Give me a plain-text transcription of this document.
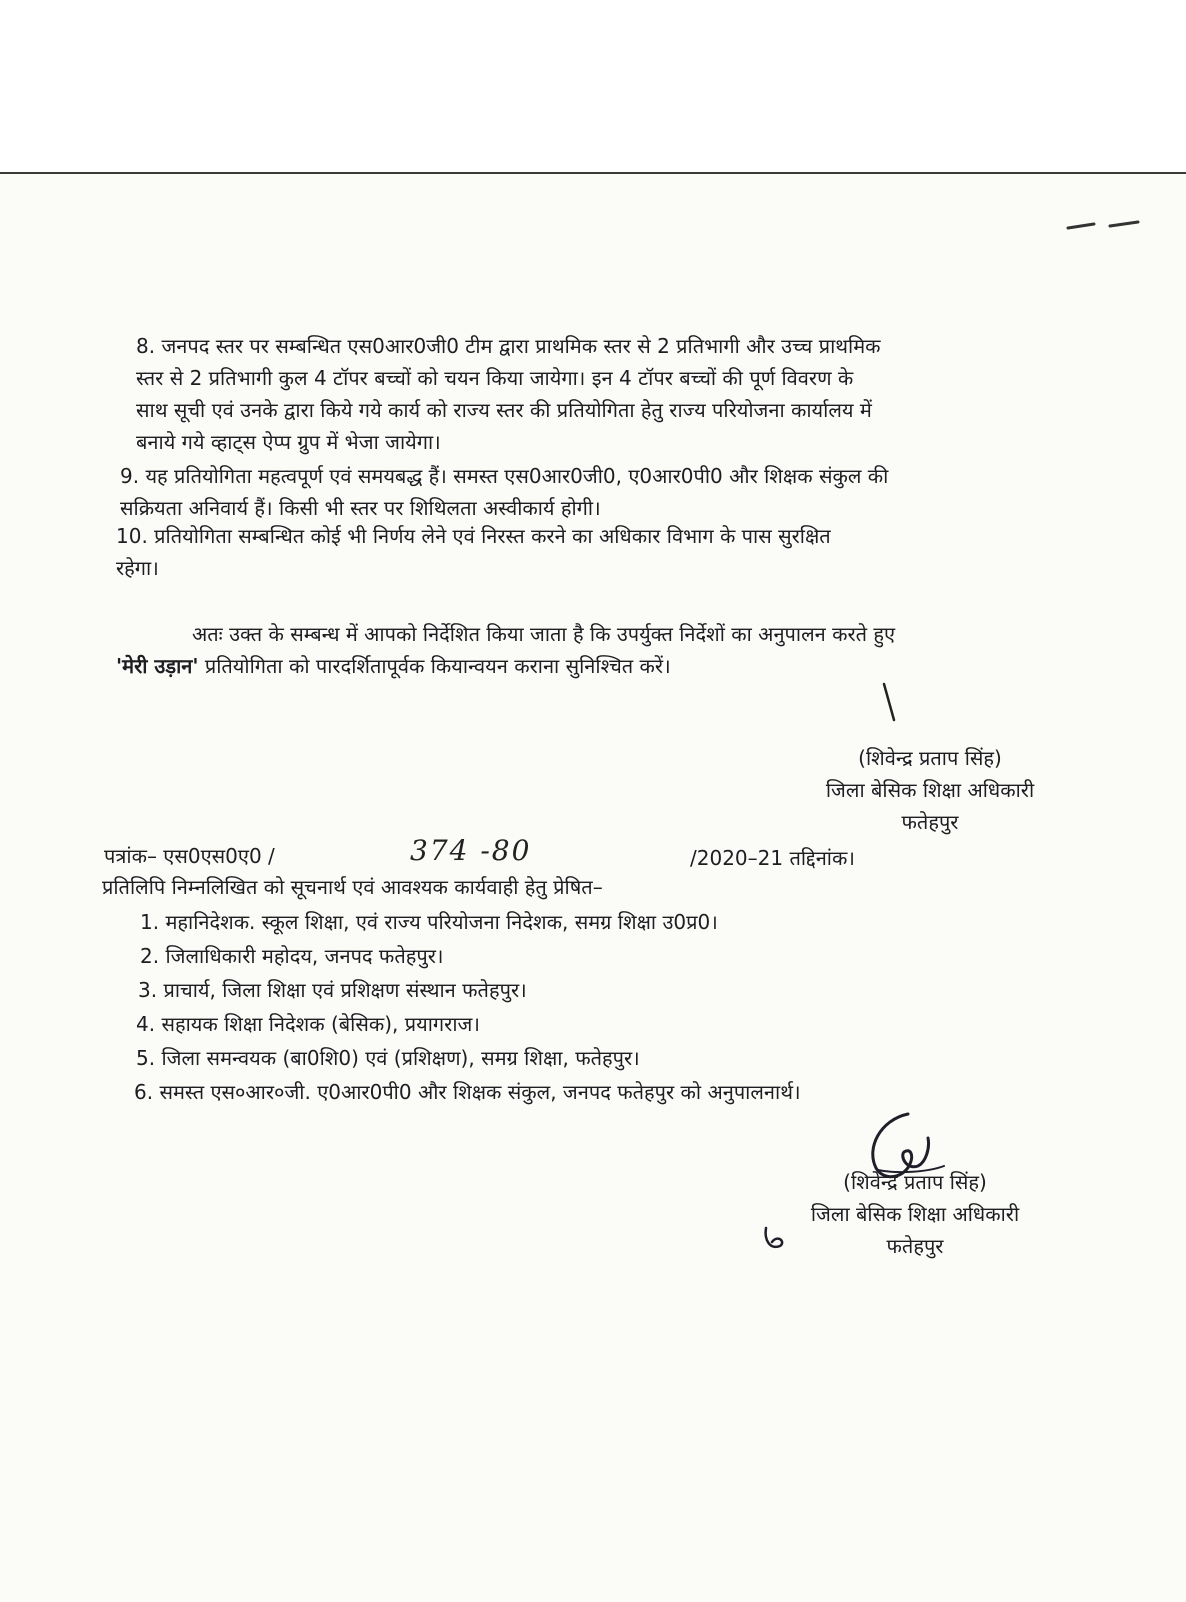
8. जनपद स्तर पर सम्बन्धित एस0आर0जी0 टीम द्वारा प्राथमिक स्तर से 2 प्रतिभागी और उच्च प्राथमिक
स्तर से 2 प्रतिभागी कुल 4 टॉपर बच्चों को चयन किया जायेगा। इन 4 टॉपर बच्चों की पूर्ण विवरण के
साथ सूची एवं उनके द्वारा किये गये कार्य को राज्य स्तर की प्रतियोगिता हेतु राज्य परियोजना कार्यालय में
बनाये गये व्हाट्स ऐप्प ग्रुप में भेजा जायेगा।
9. यह प्रतियोगिता महत्वपूर्ण एवं समयबद्ध हैं। समस्त एस0आर0जी0, ए0आर0पी0 और शिक्षक संकुल की
सक्रियता अनिवार्य हैं। किसी भी स्तर पर शिथिलता अस्वीकार्य होगी।
10. प्रतियोगिता सम्बन्धित कोई भी निर्णय लेने एवं निरस्त करने का अधिकार विभाग के पास सुरक्षित
रहेगा।
अतः उक्त के सम्बन्ध में आपको निर्देशित किया जाता है कि उपर्युक्त निर्देशों का अनुपालन करते हुए
'मेरी उड़ान' प्रतियोगिता को पारदर्शितापूर्वक कियान्वयन कराना सुनिश्चित करें।
(शिवेन्द्र प्रताप सिंह)
जिला बेसिक शिक्षा अधिकारी
फतेहपुर
पत्रांक– एस0एस0ए0 /	374 -80	/2020–21 तद्दिनांक।
प्रतिलिपि निम्नलिखित को सूचनार्थ एवं आवश्यक कार्यवाही हेतु प्रेषित–
1. महानिदेशक. स्कूल शिक्षा, एवं राज्य परियोजना निदेशक, समग्र शिक्षा उ0प्र0।
2. जिलाधिकारी महोदय, जनपद फतेहपुर।
3. प्राचार्य, जिला शिक्षा एवं प्रशिक्षण संस्थान फतेहपुर।
4. सहायक शिक्षा निदेशक (बेसिक), प्रयागराज।
5. जिला समन्वयक (बा0शि0) एवं (प्रशिक्षण), समग्र शिक्षा, फतेहपुर।
6. समस्त एस०आर०जी. ए0आर0पी0 और शिक्षक संकुल, जनपद फतेहपुर को अनुपालनार्थ।
(शिवेन्द्र प्रताप सिंह)
जिला बेसिक शिक्षा अधिकारी
फतेहपुर
